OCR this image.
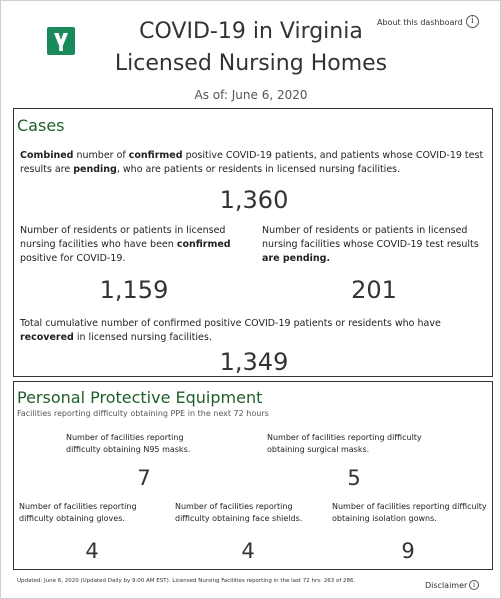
COVID-19 in Virginia
Licensed Nursing Homes
As of: June 6, 2020
About this dashboard i
Cases
Combined number of confirmed positive COVID-19 patients, and patients whose COVID-19 test results are pending, who are patients or residents in licensed nursing facilities.
1,360
Number of residents or patients in licensed nursing facilities who have been confirmed positive for COVID-19.
1,159
Number of residents or patients in licensed nursing facilities whose COVID-19 test results are pending.
201
Total cumulative number of confirmed positive COVID-19 patients or residents who have recovered in licensed nursing facilities.
1,349
Personal Protective Equipment
Facilities reporting difficulty obtaining PPE in the next 72 hours
Number of facilities reporting difficulty obtaining N95 masks.
7
Number of facilities reporting difficulty obtaining surgical masks.
5
Number of facilities reporting difficulty obtaining gloves.
4
Number of facilities reporting difficulty obtaining face shields.
4
Number of facilities reporting difficulty obtaining isolation gowns.
9
Updated: June 6, 2020 (Updated Daily by 9:00 AM EST). Licensed Nursing Facilities reporting in the last 72 hrs: 263 of 286.	Disclaimer i
